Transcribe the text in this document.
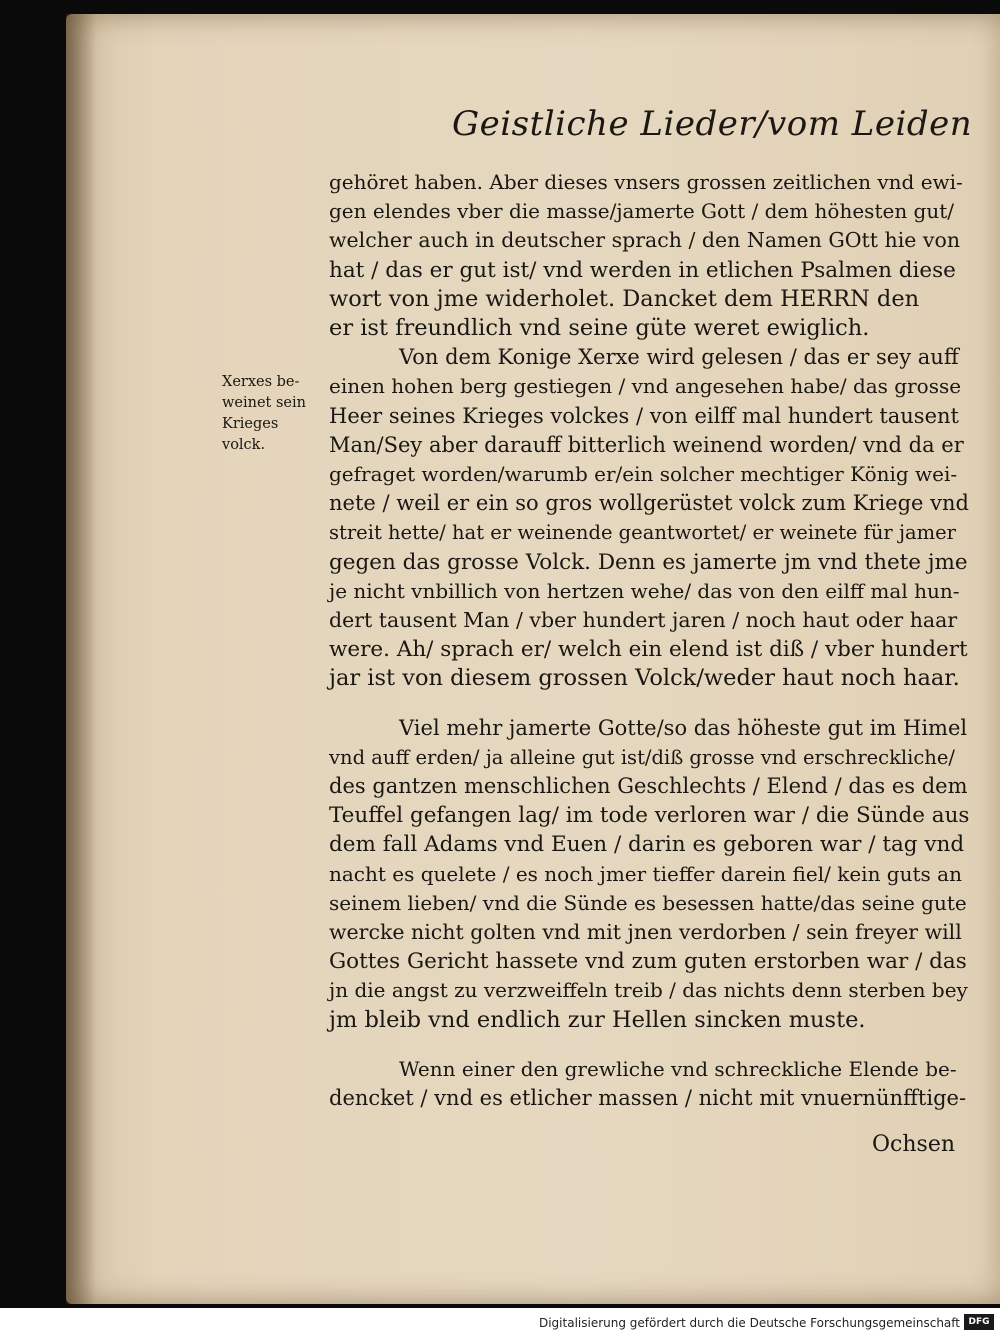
Geistliche Lieder/vom Leiden
Xerxes be-
weinet sein
Krieges
volck.
gehöret haben. Aber dieses vnsers grossen zeitlichen vnd ewi-
gen elendes vber die masse/jamerte Gott / dem höhesten gut/
welcher auch in deutscher sprach / den Namen GOtt hie von
hat / das er gut ist/ vnd werden in etlichen Psalmen diese
wort von jme widerholet. Dancket dem HERRN den
er ist freundlich vnd seine güte weret ewiglich.
Von dem Konige Xerxe wird gelesen / das er sey auff
einen hohen berg gestiegen / vnd angesehen habe/ das grosse
Heer seines Krieges volckes / von eilff mal hundert tausent
Man/Sey aber darauff bitterlich weinend worden/ vnd da er
gefraget worden/warumb er/ein solcher mechtiger König wei-
nete / weil er ein so gros wollgerüstet volck zum Kriege vnd
streit hette/ hat er weinende geantwortet/ er weinete für jamer
gegen das grosse Volck. Denn es jamerte jm vnd thete jme
je nicht vnbillich von hertzen wehe/ das von den eilff mal hun-
dert tausent Man / vber hundert jaren / noch haut oder haar
were. Ah/ sprach er/ welch ein elend ist diß / vber hundert
jar ist von diesem grossen Volck/weder haut noch haar.
Viel mehr jamerte Gotte/so das höheste gut im Himel
vnd auff erden/ ja alleine gut ist/diß grosse vnd erschreckliche/
des gantzen menschlichen Geschlechts / Elend / das es dem
Teuffel gefangen lag/ im tode verloren war / die Sünde aus
dem fall Adams vnd Euen / darin es geboren war / tag vnd
nacht es quelete / es noch jmer tieffer darein fiel/ kein guts an
seinem lieben/ vnd die Sünde es besessen hatte/das seine gute
wercke nicht golten vnd mit jnen verdorben / sein freyer will
Gottes Gericht hassete vnd zum guten erstorben war / das
jn die angst zu verzweiffeln treib / das nichts denn sterben bey
jm bleib vnd endlich zur Hellen sincken muste.
Wenn einer den grewliche vnd schreckliche Elende be-
dencket / vnd es etlicher massen / nicht mit vnuernünfftige-
Ochsen
Digitalisierung gefördert durch die Deutsche Forschungsgemeinschaft DFG
